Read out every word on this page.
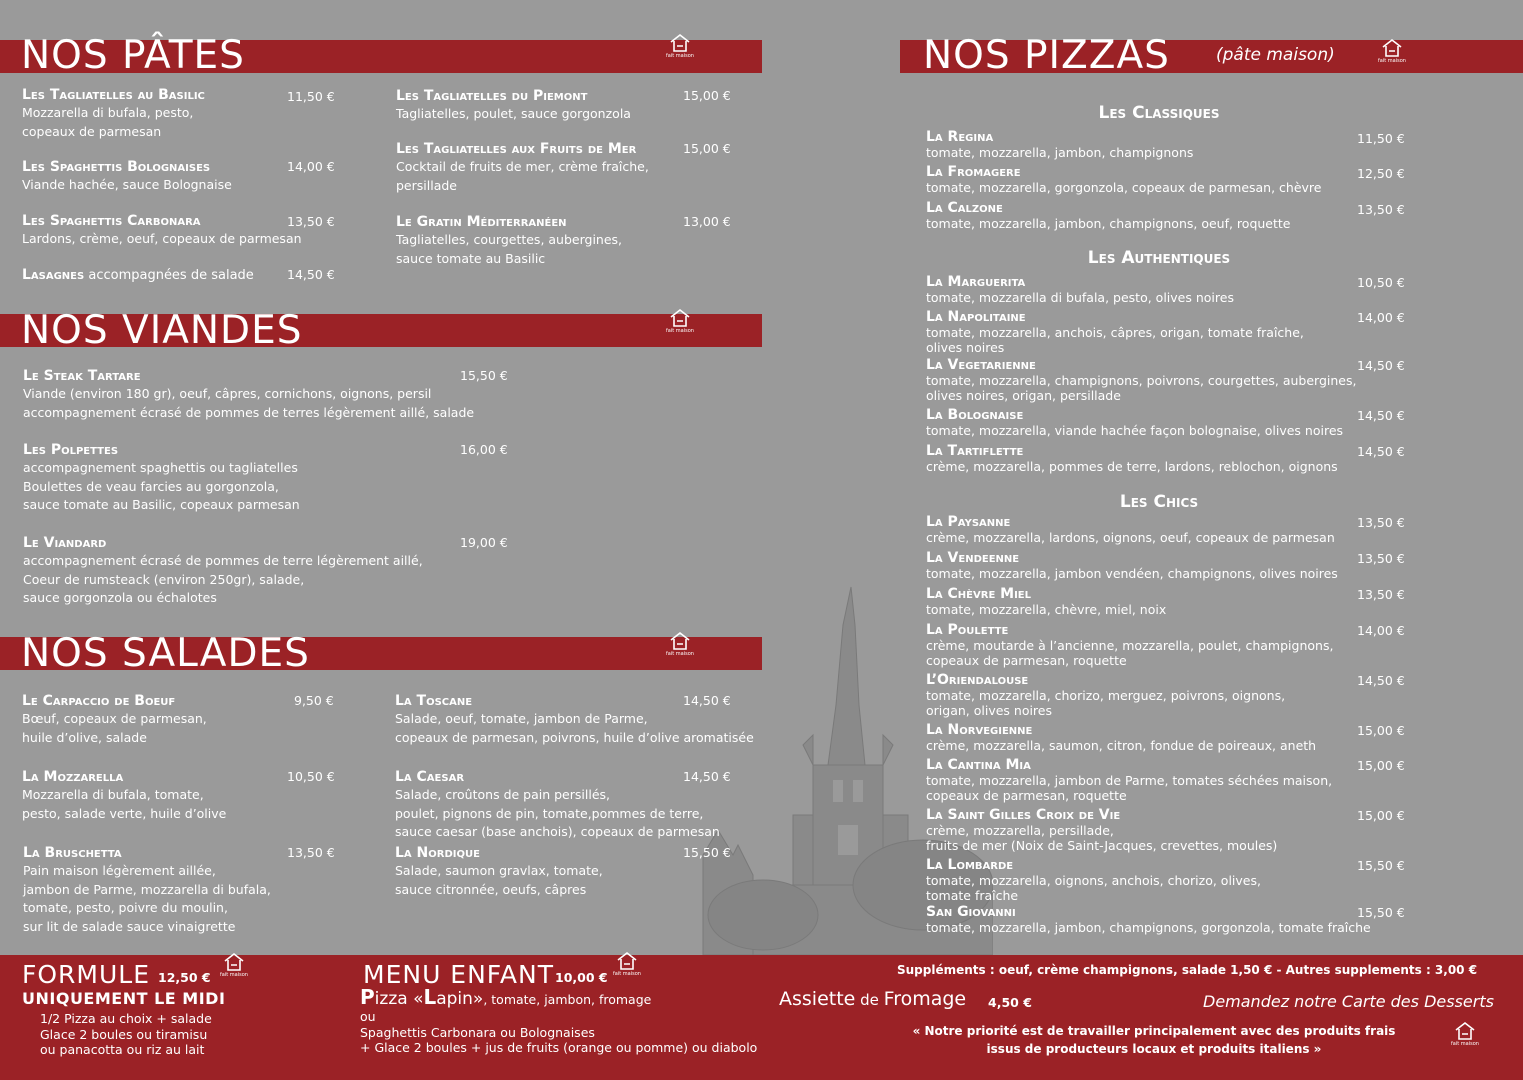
NOS PÂTES	fait maison
Les Tagliatelles au Basilic
Mozzarella di bufala, pesto,
copeaux de parmesan
11,50 €
Les Spaghettis Bolognaises
Viande hachée, sauce Bolognaise
14,00 €
Les Spaghettis Carbonara
Lardons, crème, oeuf, copeaux de parmesan
13,50 €
Lasagnes accompagnées de salade	14,50 €
Les Tagliatelles du Piemont
Tagliatelles, poulet, sauce gorgonzola
15,00 €
Les Tagliatelles aux Fruits de Mer
Cocktail de fruits de mer, crème fraîche,
persillade
15,00 €
Le Gratin Méditerranéen
Tagliatelles, courgettes, aubergines,
sauce tomate au Basilic
13,00 €
NOS VIANDES	fait maison
Le Steak Tartare
Viande (environ 180 gr), oeuf, câpres, cornichons, oignons, persil
accompagnement écrasé de pommes de terres légèrement aillé, salade
15,50 €
Les Polpettes
accompagnement spaghettis ou tagliatelles
Boulettes de veau farcies au gorgonzola,
sauce tomate au Basilic, copeaux parmesan
16,00 €
Le Viandard
accompagnement écrasé de pommes de terre légèrement aillé,
Coeur de rumsteack (environ 250gr), salade,
sauce gorgonzola ou échalotes
19,00 €
NOS SALADES	fait maison
Le Carpaccio de Boeuf
Bœuf, copeaux de parmesan,
huile d’olive, salade
9,50 €
La Mozzarella
Mozzarella di bufala, tomate,
pesto, salade verte, huile d’olive
10,50 €
La Bruschetta
Pain maison légèrement aillée,
jambon de Parme, mozzarella di bufala,
tomate, pesto, poivre du moulin,
sur lit de salade sauce vinaigrette
13,50 €
La Toscane
Salade, oeuf, tomate, jambon de Parme,
copeaux de parmesan, poivrons, huile d’olive aromatisée
14,50 €
La Caesar
Salade, croûtons de pain persillés,
poulet, pignons de pin, tomate,pommes de terre,
sauce caesar (base anchois), copeaux de parmesan
14,50 €
La Nordique
Salade, saumon gravlax, tomate,
sauce citronnée, oeufs, câpres
15,50 €
NOS PIZZAS	(pâte maison)	fait maison
Les Classiques
La Regina
tomate, mozzarella, jambon, champignons
11,50 €
La Fromagere
tomate, mozzarella, gorgonzola, copeaux de parmesan, chèvre
12,50 €
La Calzone
tomate, mozzarella, jambon, champignons, oeuf, roquette
13,50 €
Les Authentiques
La Marguerita
tomate, mozzarella di bufala, pesto, olives noires
10,50 €
La Napolitaine
tomate, mozzarella, anchois, câpres, origan, tomate fraîche,
olives noires
14,00 €
La Vegetarienne
tomate, mozzarella, champignons, poivrons, courgettes, aubergines,
olives noires, origan, persillade
14,50 €
La Bolognaise
tomate, mozzarella, viande hachée façon bolognaise, olives noires
14,50 €
La Tartiflette
crème, mozzarella, pommes de terre, lardons, reblochon, oignons
14,50 €
Les Chics
La Paysanne
crème, mozzarella, lardons, oignons, oeuf, copeaux de parmesan
13,50 €
La Vendeenne
tomate, mozzarella, jambon vendéen, champignons, olives noires
13,50 €
La Chèvre Miel
tomate, mozzarella, chèvre, miel, noix
13,50 €
La Poulette
crème, moutarde à l’ancienne, mozzarella, poulet, champignons,
copeaux de parmesan, roquette
14,00 €
L’Oriendalouse
tomate, mozzarella, chorizo, merguez, poivrons, oignons,
origan, olives noires
14,50 €
La Norvegienne
crème, mozzarella, saumon, citron, fondue de poireaux, aneth
15,00 €
La Cantina Mia
tomate, mozzarella, jambon de Parme, tomates séchées maison,
copeaux de parmesan, roquette
15,00 €
La Saint Gilles Croix de Vie
crème, mozzarella, persillade,
fruits de mer (Noix de Saint-Jacques, crevettes, moules)
15,00 €
La Lombarde
tomate, mozzarella, oignons, anchois, chorizo, olives,
tomate fraîche
15,50 €
San Giovanni
tomate, mozzarella, jambon, champignons, gorgonzola, tomate fraîche
15,50 €
FORMULE 12,50 €	fait maison
UNIQUEMENT LE MIDI
1/2 Pizza au choix + salade
Glace 2 boules ou tiramisu
ou panacotta ou riz au lait
MENU ENFANT 10,00 €	fait maison
Pizza «Lapin», tomate, jambon, fromage
ou
Spaghettis Carbonara ou Bolognaises
+ Glace 2 boules + jus de fruits (orange ou pomme) ou diabolo
Assiette de Fromage 4,50 €
Suppléments : oeuf, crème champignons, salade 1,50 € - Autres supplements : 3,00 €
Demandez notre Carte des Desserts
« Notre priorité est de travailler principalement avec des produits frais
issus de producteurs locaux et produits italiens »	fait maison
